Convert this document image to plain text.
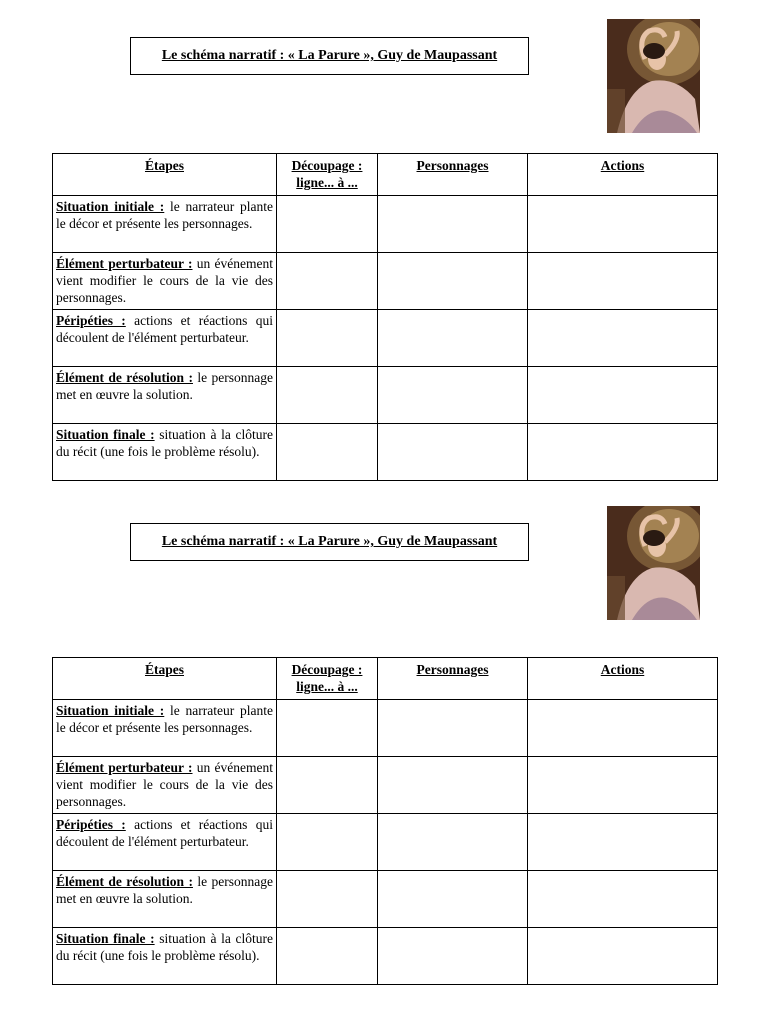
Le schéma narratif : « La Parure », Guy de Maupassant
Étapes	Découpage : ligne... à ...	Personnages	Actions
Situation initiale : le narrateur plante le décor et présente les personnages.			
Élément perturbateur : un événement vient modifier le cours de la vie des personnages.			
Péripéties : actions et réactions qui découlent de l'élément perturbateur.			
Élément de résolution : le personnage met en œuvre la solution.			
Situation finale : situation à la clôture du récit (une fois le problème résolu).			
Le schéma narratif : « La Parure », Guy de Maupassant
Étapes	Découpage : ligne... à ...	Personnages	Actions
Situation initiale : le narrateur plante le décor et présente les personnages.			
Élément perturbateur : un événement vient modifier le cours de la vie des personnages.			
Péripéties : actions et réactions qui découlent de l'élément perturbateur.			
Élément de résolution : le personnage met en œuvre la solution.			
Situation finale : situation à la clôture du récit (une fois le problème résolu).			
